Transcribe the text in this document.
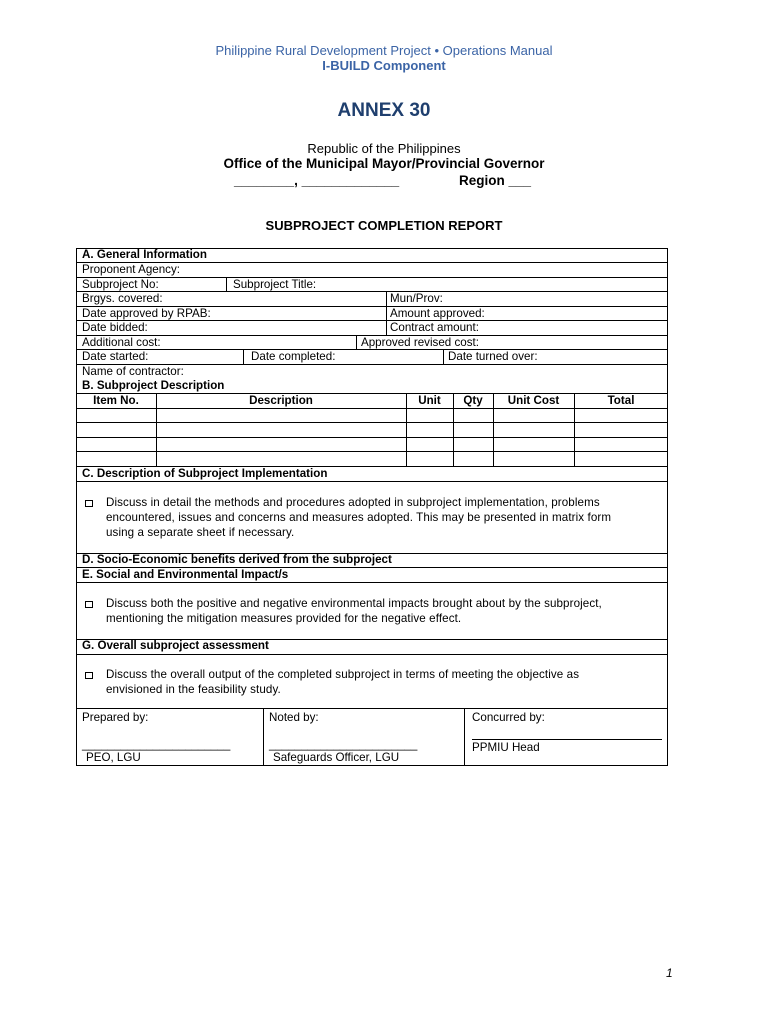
Philippine Rural Development Project • Operations Manual
I-BUILD Component
ANNEX 30
Republic of the Philippines
Office of the Municipal Mayor/Provincial Governor
________, _____________	Region ___
SUBPROJECT COMPLETION REPORT
A. General Information
Proponent Agency:
Subproject No:	Subproject Title:
Brgys. covered:	Mun/Prov:
Date approved by RPAB:	Amount approved:
Date bidded:	Contract amount:
Additional cost:	Approved revised cost:
Date started:	Date completed:	Date turned over:
Name of contractor:
B. Subproject Description
Item No.	Description	Unit	Qty	Unit Cost	Total
C. Description of Subproject Implementation
Discuss in detail the methods and procedures adopted in subproject implementation, problems
encountered, issues and concerns and measures adopted. This may be presented in matrix form
using a separate sheet if necessary.
D. Socio-Economic benefits derived from the subproject
E. Social and Environmental Impact/s
Discuss both the positive and negative environmental impacts brought about by the subproject,
mentioning the mitigation measures provided for the negative effect.
G. Overall subproject assessment
Discuss the overall output of the completed subproject in terms of meeting the objective as
envisioned in the feasibility study.
Prepared by:
_______________________
PEO, LGU
Noted by:
_______________________
Safeguards Officer, LGU
Concurred by:
PPMIU Head
1
